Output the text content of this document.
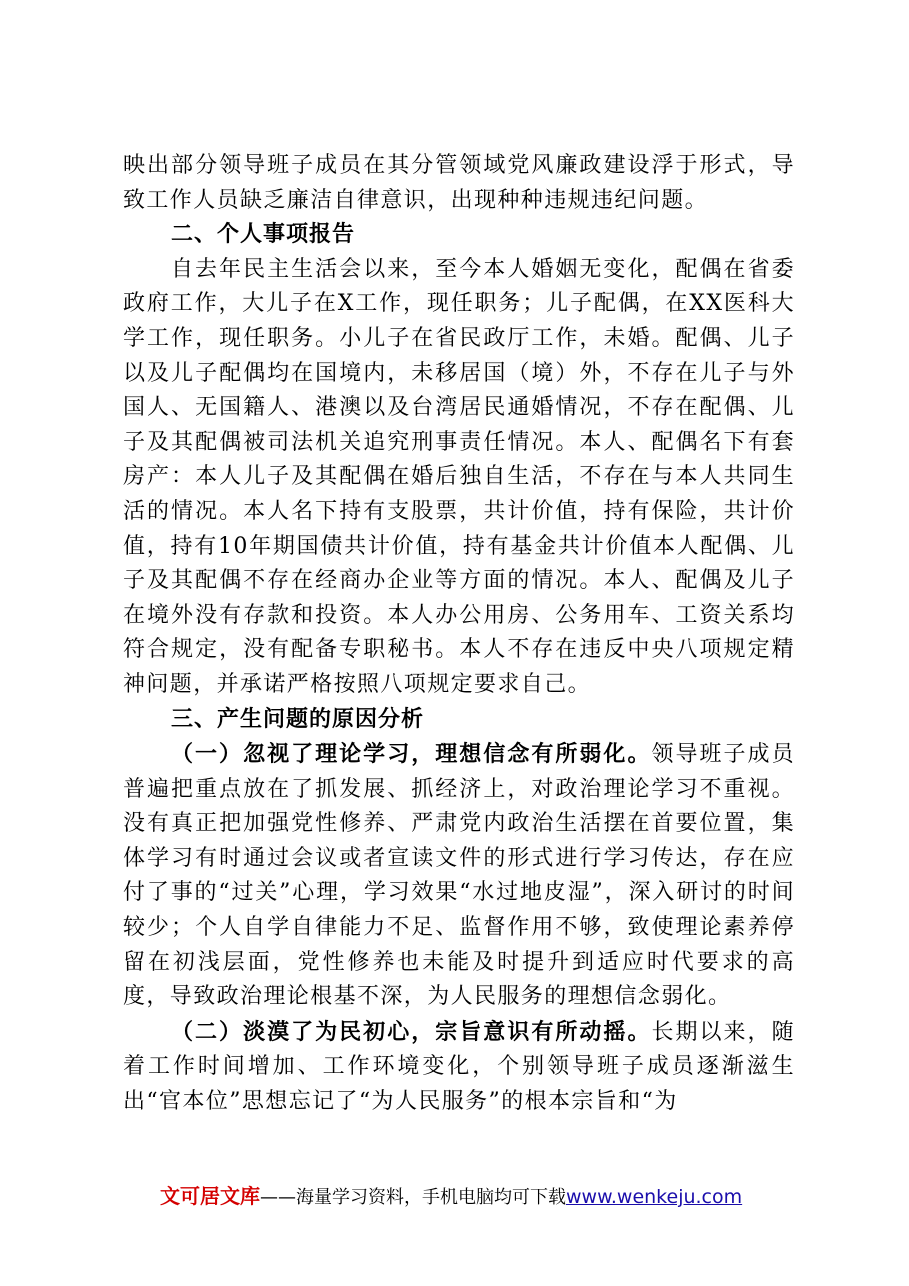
映出部分领导班子成员在其分管领域党风廉政建设浮于形式，导致工作人员缺乏廉洁自律意识，出现种种违规违纪问题。

二、个人事项报告

自去年民主生活会以来，至今本人婚姻无变化，配偶在省委政府工作，大儿子在X工作，现任职务；儿子配偶，在XX医科大学工作，现任职务。小儿子在省民政厅工作，未婚。配偶、儿子以及儿子配偶均在国境内，未移居国（境）外，不存在儿子与外国人、无国籍人、港澳以及台湾居民通婚情况，不存在配偶、儿子及其配偶被司法机关追究刑事责任情况。本人、配偶名下有套房产：本人儿子及其配偶在婚后独自生活，不存在与本人共同生活的情况。本人名下持有支股票，共计价值，持有保险，共计价值，持有10年期国债共计价值，持有基金共计价值本人配偶、儿子及其配偶不存在经商办企业等方面的情况。本人、配偶及儿子在境外没有存款和投资。本人办公用房、公务用车、工资关系均符合规定，没有配备专职秘书。本人不存在违反中央八项规定精神问题，并承诺严格按照八项规定要求自己。

三、产生问题的原因分析

（一）忽视了理论学习，理想信念有所弱化。领导班子成员普遍把重点放在了抓发展、抓经济上，对政治理论学习不重视。没有真正把加强党性修养、严肃党内政治生活摆在首要位置，集体学习有时通过会议或者宣读文件的形式进行学习传达，存在应付了事的“过关”心理，学习效果“水过地皮湿”，深入研讨的时间较少；个人自学自律能力不足、监督作用不够，致使理论素养停留在初浅层面，党性修养也未能及时提升到适应时代要求的高度，导致政治理论根基不深，为人民服务的理想信念弱化。

（二）淡漠了为民初心，宗旨意识有所动摇。长期以来，随着工作时间增加、工作环境变化，个别领导班子成员逐渐滋生出“官本位”思想忘记了“为人民服务”的根本宗旨和“为

文可居文库——海量学习资料，手机电脑均可下载www.wenkeju.com
